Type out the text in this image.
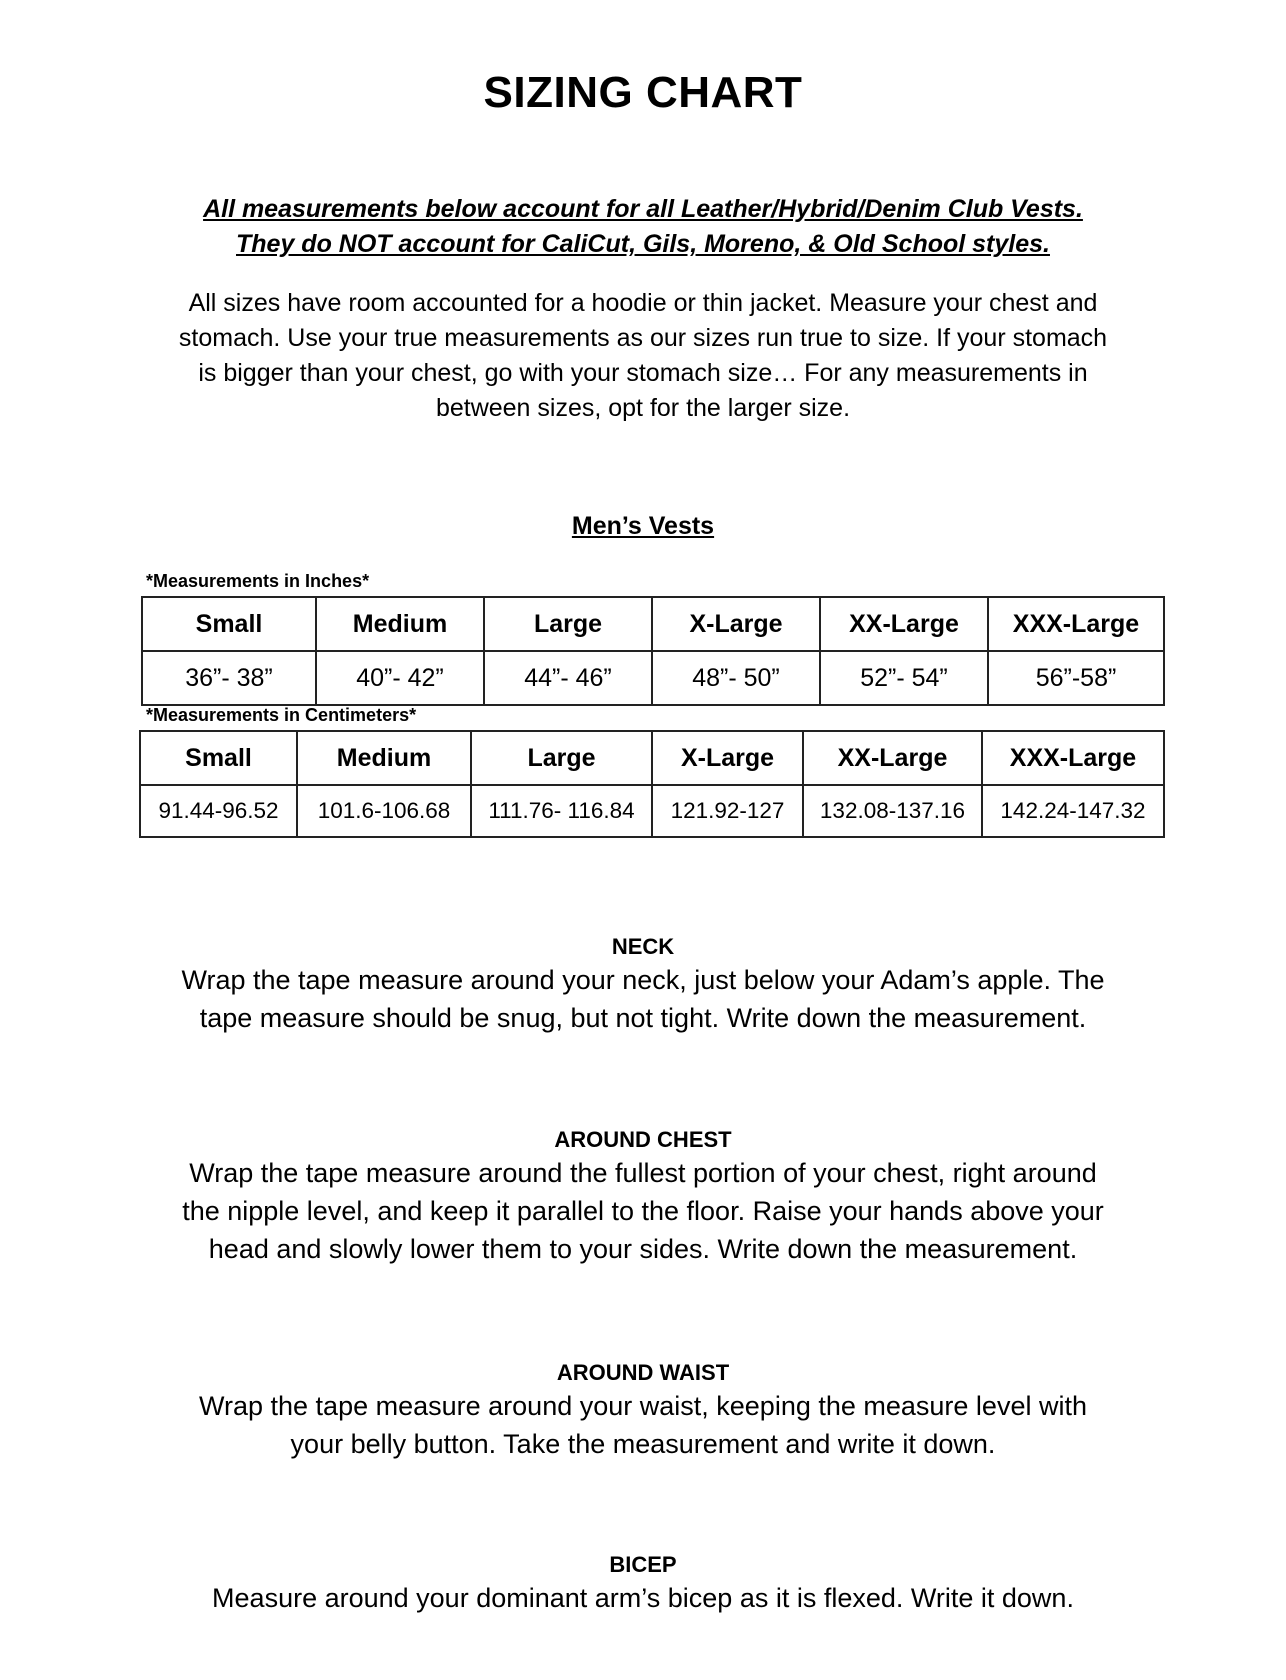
SIZING CHART
All measurements below account for all Leather/Hybrid/Denim Club Vests.
They do NOT account for CaliCut, Gils, Moreno, & Old School styles.
All sizes have room accounted for a hoodie or thin jacket. Measure your chest and
stomach. Use your true measurements as our sizes run true to size. If your stomach
is bigger than your chest, go with your stomach size… For any measurements in
between sizes, opt for the larger size.
Men’s Vests
*Measurements in Inches*
Small	Medium	Large	X-Large	XX-Large	XXX-Large
36”- 38”	40”- 42”	44”- 46”	48”- 50”	52”- 54”	56”-58”
*Measurements in Centimeters*
Small	Medium	Large	X-Large	XX-Large	XXX-Large
91.44-96.52	101.6-106.68	111.76- 116.84	121.92-127	132.08-137.16	142.24-147.32
NECK
Wrap the tape measure around your neck, just below your Adam’s apple. The
tape measure should be snug, but not tight. Write down the measurement.
AROUND CHEST
Wrap the tape measure around the fullest portion of your chest, right around
the nipple level, and keep it parallel to the floor. Raise your hands above your
head and slowly lower them to your sides. Write down the measurement.
AROUND WAIST
Wrap the tape measure around your waist, keeping the measure level with
your belly button. Take the measurement and write it down.
BICEP
Measure around your dominant arm’s bicep as it is flexed. Write it down.
